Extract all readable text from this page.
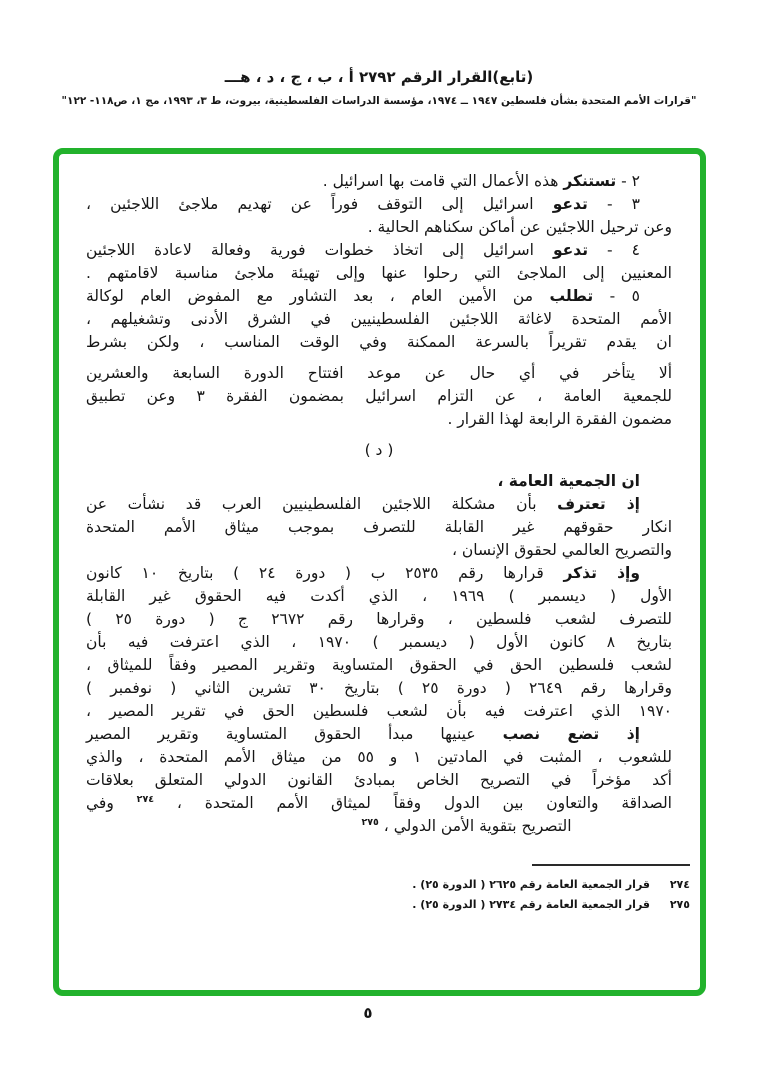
(تابع)القرار الرقم ٢٧٩٢ أ ، ب ، ج ، د ، هـــ
"قرارات الأمم المتحدة بشأن فلسطين ١٩٤٧ ــ ١٩٧٤، مؤسسة الدراسات الفلسطينية، بيروت، ط ٣، ١٩٩٣، مج ١، ص١١٨- ١٢٢"
٢ - تستنكر هذه الأعمال التي قامت بها اسرائيل .
٣ - تدعو اسرائيل إلى التوقف فوراً عن تهديم ملاجئ اللاجئين ،
وعن ترحيل اللاجئين عن أماكن سكناهم الحالية .
٤ - تدعو اسرائيل إلى اتخاذ خطوات فورية وفعالة لاعادة اللاجئين
المعنيين إلى الملاجئ التي رحلوا عنها وإلى تهيئة ملاجئ مناسبة لاقامتهم .
٥ - تطلب من الأمين العام ، بعد التشاور مع المفوض العام لوكالة
الأمم المتحدة لاغاثة اللاجئين الفلسطينيين في الشرق الأدنى وتشغيلهم ،
ان يقدم تقريراً بالسرعة الممكنة وفي الوقت المناسب ، ولكن بشرط
ألا يتأخر في أي حال عن موعد افتتاح الدورة السابعة والعشرين
للجمعية العامة ، عن التزام اسرائيل بمضمون الفقرة ٣ وعن تطبيق
مضمون الفقرة الرابعة لهذا القرار .
( د )
ان الجمعية العامة ،
إذ تعترف بأن مشكلة اللاجئين الفلسطينيين العرب قد نشأت عن
انكار حقوقهم غير القابلة للتصرف بموجب ميثاق الأمم المتحدة
والتصريح العالمي لحقوق الإنسان ،
وإذ تذكر قرارها رقم ٢٥٣٥ ب ( دورة ٢٤ ) بتاريخ ١٠ كانون
الأول ( ديسمبر ) ١٩٦٩ ، الذي أكدت فيه الحقوق غير القابلة
للتصرف لشعب فلسطين ، وقرارها رقم ٢٦٧٢ ج ( دورة ٢٥ )
بتاريخ ٨ كانون الأول ( ديسمبر ) ١٩٧٠ ، الذي اعترفت فيه بأن
لشعب فلسطين الحق في الحقوق المتساوية وتقرير المصير وفقاً للميثاق ،
وقرارها رقم ٢٦٤٩ ( دورة ٢٥ ) بتاريخ ٣٠ تشرين الثاني ( نوفمبر )
١٩٧٠ الذي اعترفت فيه بأن لشعب فلسطين الحق في تقرير المصير ،
إذ تضع نصب عينيها مبدأ الحقوق المتساوية وتقرير المصير
للشعوب ، المثبت في المادتين ١ و ٥٥ من ميثاق الأمم المتحدة ، والذي
أكد مؤخراً في التصريح الخاص بمبادئ القانون الدولي المتعلق بعلاقات
الصداقة والتعاون بين الدول وفقاً لميثاق الأمم المتحدة ، $^{٢٧٤}$ وفي
التصريح بتقوية الأمن الدولي ، $^{٢٧٥}$
٢٧٤
قرار الجمعية العامة رقم ٢٦٢٥ ( الدورة ٢٥) .
٢٧٥
قرار الجمعية العامة رقم ٢٧٣٤ ( الدورة ٢٥) .
٥
